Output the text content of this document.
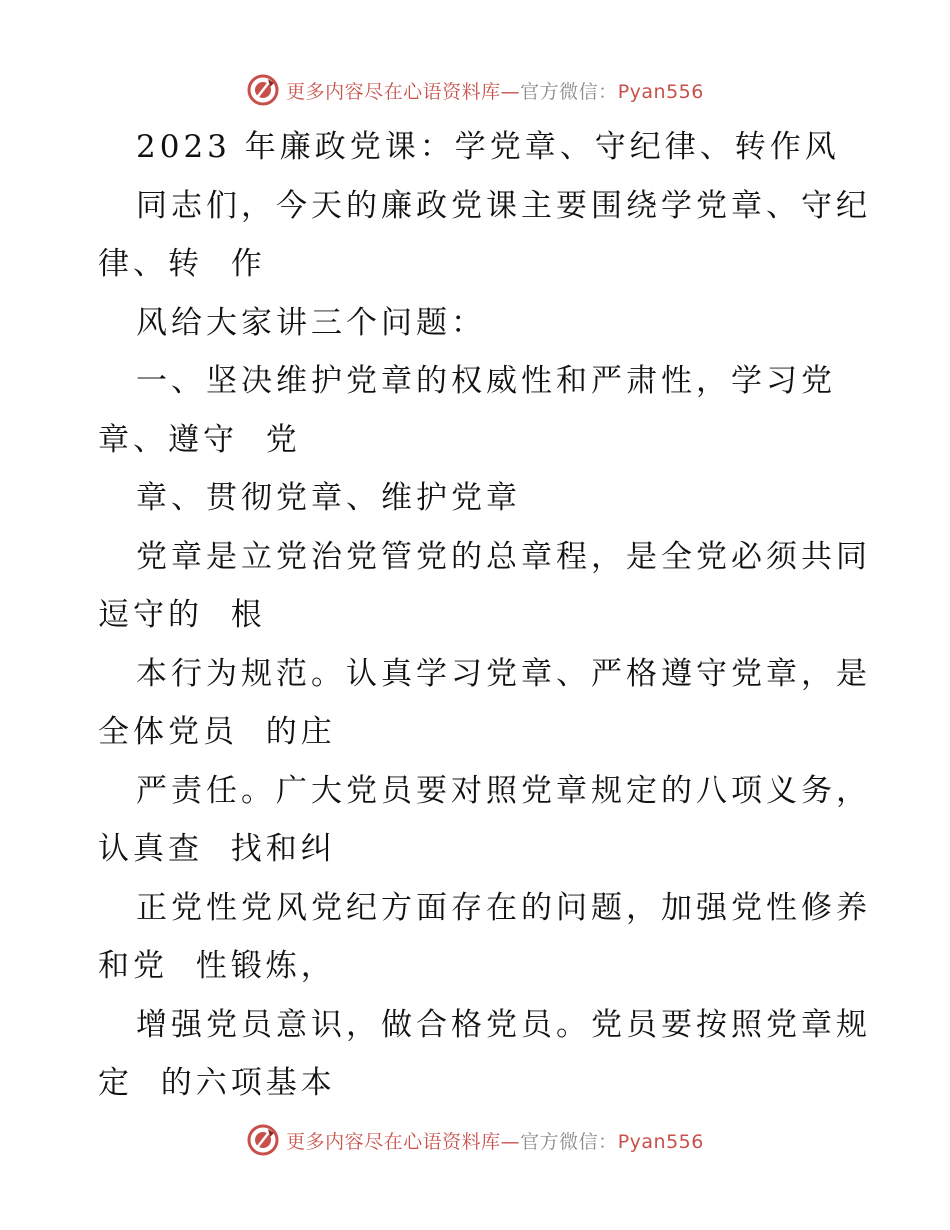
更多内容尽在心语资料库—官方微信：Pyan556
2023 年廉政党课：学党章、守纪律、转作风
同志们，今天的廉政党课主要围绕学党章、守纪
律、转  作
风给大家讲三个问题：
一、坚决维护党章的权威性和严肃性，学习党
章、遵守  党
章、贯彻党章、维护党章
党章是立党治党管党的总章程，是全党必须共同
逗守的  根
本行为规范。认真学习党章、严格遵守党章，是
全体党员  的庄
严责任。广大党员要对照党章规定的八项义务，
认真查  找和纠
正党性党风党纪方面存在的问题，加强党性修养
和党  性锻炼，
增强党员意识，做合格党员。党员要按照党章规
定  的六项基本
更多内容尽在心语资料库—官方微信：Pyan556
